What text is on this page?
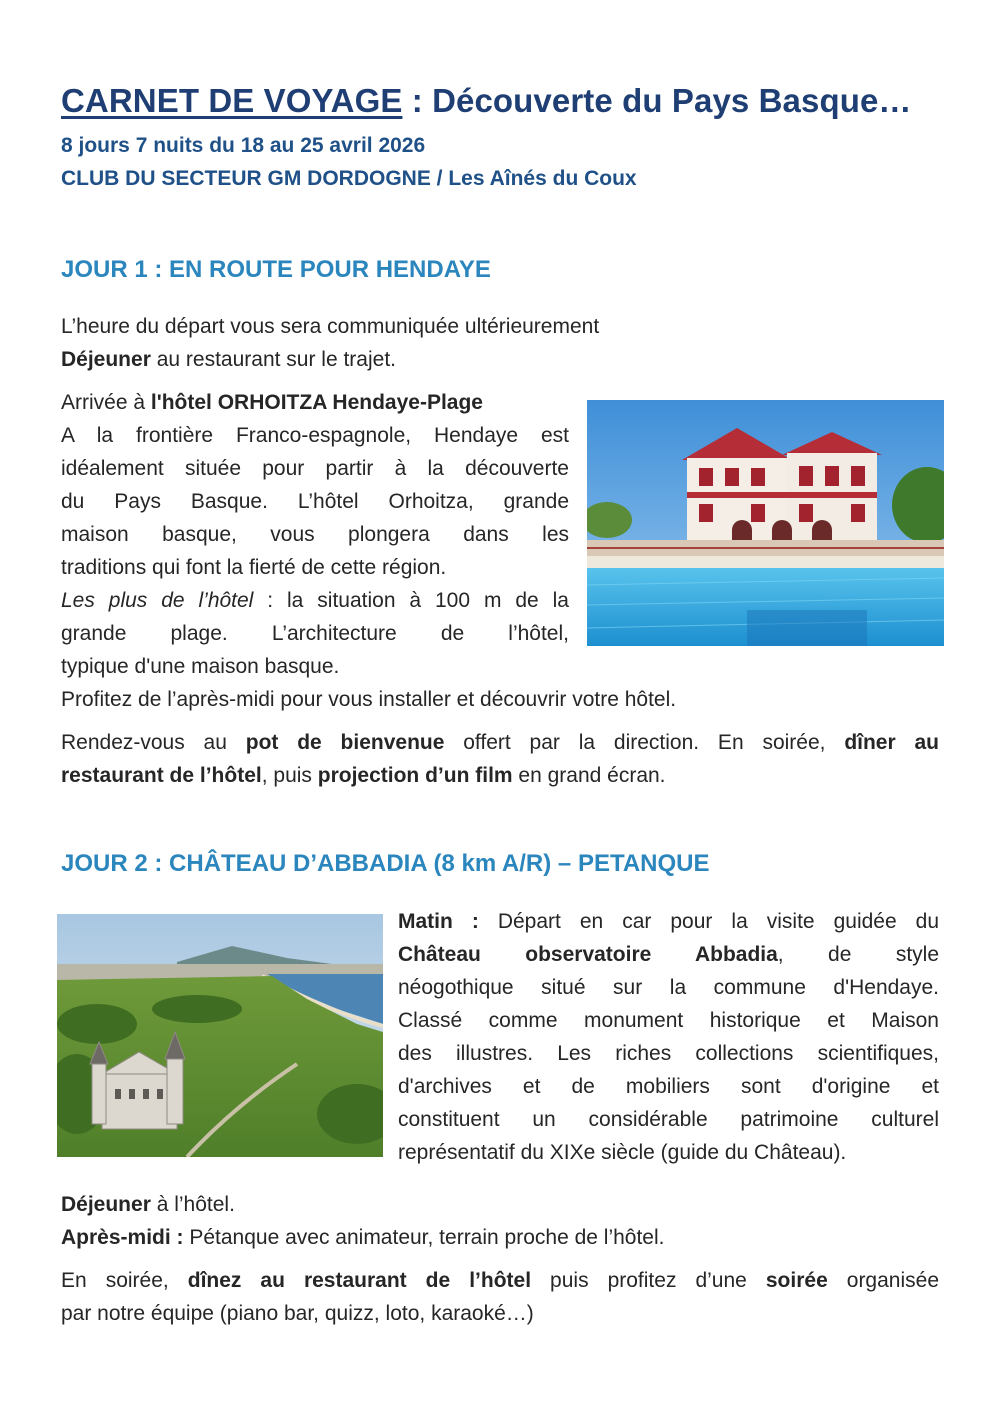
CARNET DE VOYAGE : Découverte du Pays Basque…
8 jours 7 nuits du 18 au 25 avril 2026
CLUB DU SECTEUR GM DORDOGNE / Les Aînés du Coux
JOUR 1 : EN ROUTE POUR HENDAYE
L’heure du départ vous sera communiquée ultérieurement
Déjeuner au restaurant sur le trajet.
Arrivée à l'hôtel ORHOITZA Hendaye-Plage
A la frontière Franco-espagnole, Hendaye est
idéalement située pour partir à la découverte
du Pays Basque. L’hôtel Orhoitza, grande
maison basque, vous plongera dans les
traditions qui font la fierté de cette région.
Les plus de l’hôtel : la situation à 100 m de la
grande plage. L’architecture de l’hôtel,
typique d'une maison basque.
Profitez de l’après-midi pour vous installer et découvrir votre hôtel.
Rendez-vous au pot de bienvenue offert par la direction. En soirée, dîner au
restaurant de l’hôtel, puis projection d’un film en grand écran.
JOUR 2 : CHÂTEAU D’ABBADIA (8 km A/R) – PETANQUE
Matin : Départ en car pour la visite guidée du
Château observatoire Abbadia, de style
néogothique situé sur la commune d'Hendaye.
Classé comme monument historique et Maison
des illustres. Les riches collections scientifiques,
d'archives et de mobiliers sont d'origine et
constituent un considérable patrimoine culturel
représentatif du XIXe siècle (guide du Château).
Déjeuner à l’hôtel.
Après-midi : Pétanque avec animateur, terrain proche de l’hôtel.
En soirée, dînez au restaurant de l’hôtel puis profitez d’une soirée organisée
par notre équipe (piano bar, quizz, loto, karaoké…)
